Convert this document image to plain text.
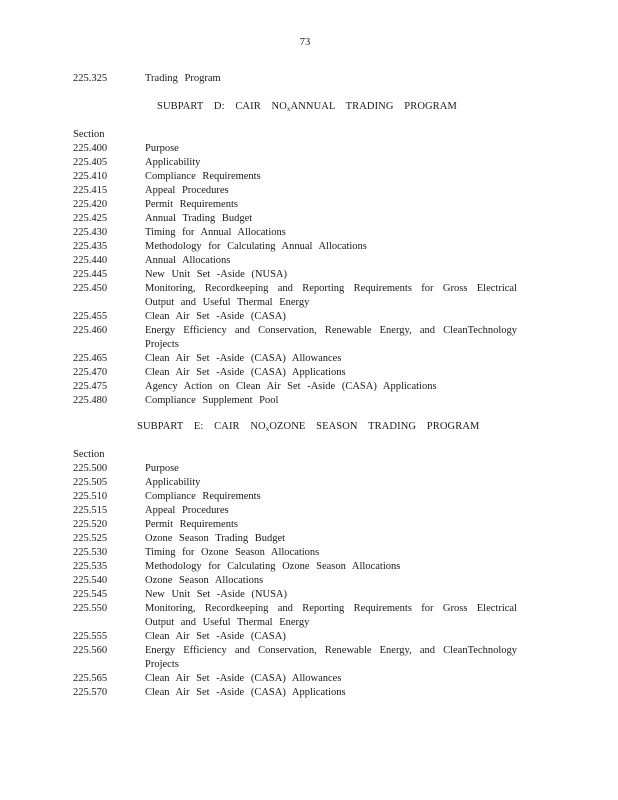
73
225.325	Trading Program
SUBPART D: CAIR NOxANNUAL TRADING PROGRAM
Section
225.400	Purpose
225.405	Applicability
225.410	Compliance Requirements
225.415	Appeal Procedures
225.420	Permit Requirements
225.425	Annual Trading Budget
225.430	Timing for Annual Allocations
225.435	Methodology for Calculating Annual Allocations
225.440	Annual Allocations
225.445	New Unit Set -Aside (NUSA)
225.450	Monitoring, Recordkeeping and Reporting Requirements for Gross Electrical Output and Useful Thermal Energy
225.455	Clean Air Set -Aside (CASA)
225.460	Energy Efficiency and Conservation, Renewable Energy, and CleanTechnology Projects
225.465	Clean Air Set -Aside (CASA) Allowances
225.470	Clean Air Set -Aside (CASA) Applications
225.475	Agency Action on Clean Air Set -Aside (CASA) Applications
225.480	Compliance Supplement Pool
SUBPART E: CAIR NOxOZONE SEASON TRADING PROGRAM
Section
225.500	Purpose
225.505	Applicability
225.510	Compliance Requirements
225.515	Appeal Procedures
225.520	Permit Requirements
225.525	Ozone Season Trading Budget
225.530	Timing for Ozone Season Allocations
225.535	Methodology for Calculating Ozone Season Allocations
225.540	Ozone Season Allocations
225.545	New Unit Set -Aside (NUSA)
225.550	Monitoring, Recordkeeping and Reporting Requirements for Gross Electrical Output and Useful Thermal Energy
225.555	Clean Air Set -Aside (CASA)
225.560	Energy Efficiency and Conservation, Renewable Energy, and CleanTechnology Projects
225.565	Clean Air Set -Aside (CASA) Allowances
225.570	Clean Air Set -Aside (CASA) Applications
